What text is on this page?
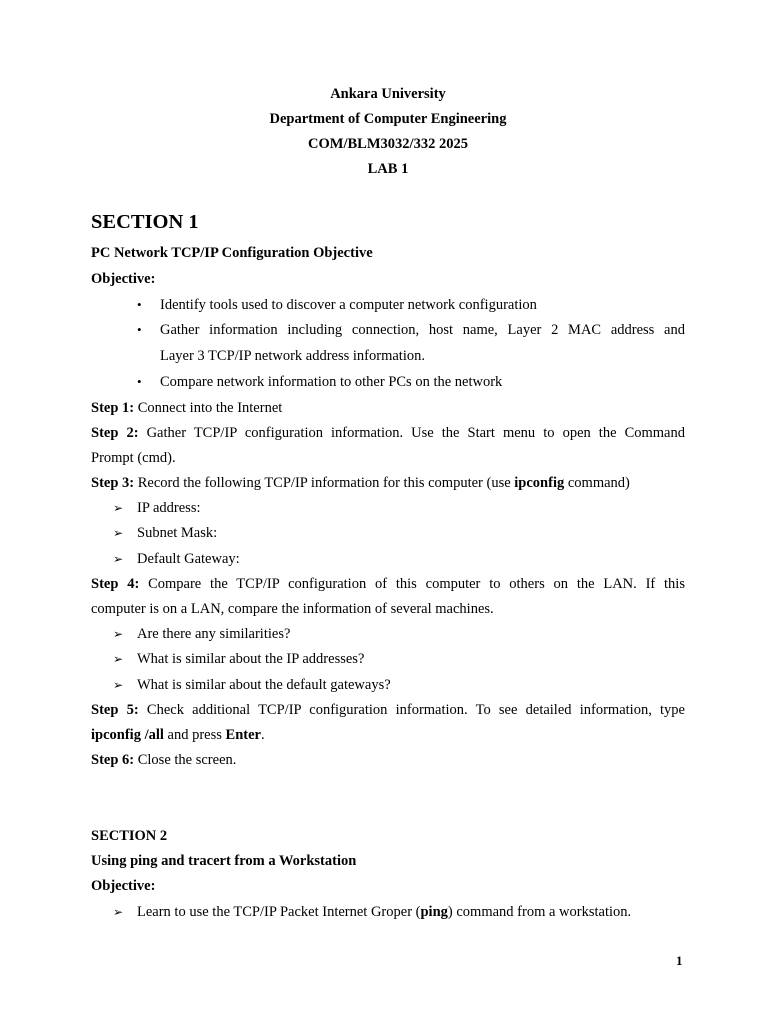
Ankara University
Department of Computer Engineering
COM/BLM3032/332 2025
LAB 1
SECTION 1
PC Network TCP/IP Configuration Objective
Objective:
• Identify tools used to discover a computer network configuration
• Gather information including connection, host name, Layer 2 MAC address and
Layer 3 TCP/IP network address information.
• Compare network information to other PCs on the network
Step 1: Connect into the Internet
Step 2: Gather TCP/IP configuration information. Use the Start menu to open the Command
Prompt (cmd).
Step 3: Record the following TCP/IP information for this computer (use ipconfig command)
➢ IP address:
➢ Subnet Mask:
➢ Default Gateway:
Step 4: Compare the TCP/IP configuration of this computer to others on the LAN. If this
computer is on a LAN, compare the information of several machines.
➢ Are there any similarities?
➢ What is similar about the IP addresses?
➢ What is similar about the default gateways?
Step 5: Check additional TCP/IP configuration information. To see detailed information, type
ipconfig /all and press Enter.
Step 6: Close the screen.
SECTION 2
Using ping and tracert from a Workstation
Objective:
➢ Learn to use the TCP/IP Packet Internet Groper (ping) command from a workstation.
1
